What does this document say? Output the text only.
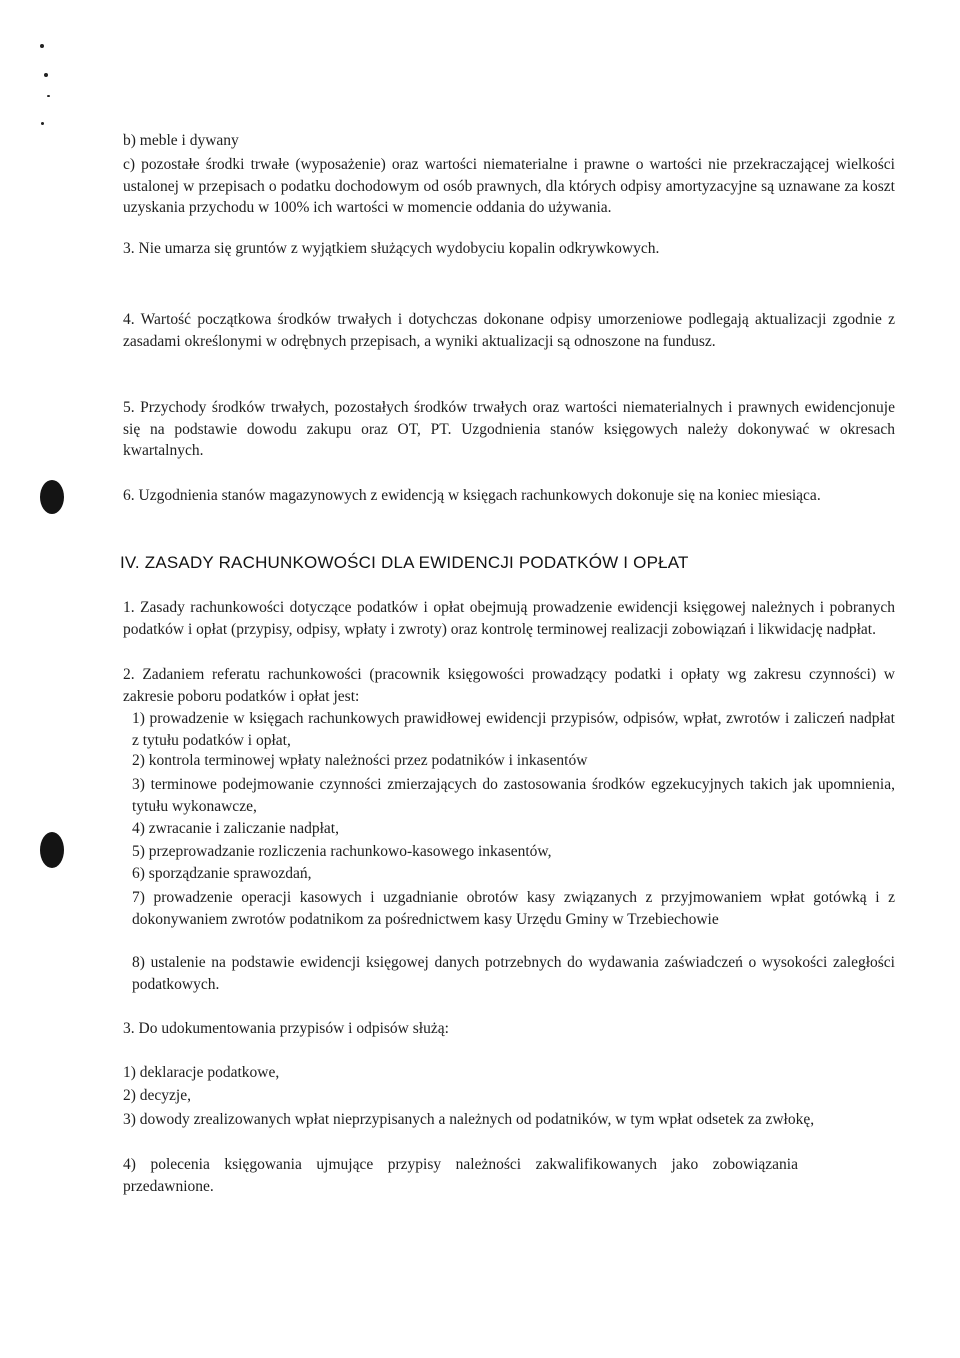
b) meble i dywany
c) pozostałe środki trwałe (wyposażenie) oraz wartości niematerialne i prawne o wartości nie przekraczającej wielkości ustalonej w przepisach o podatku dochodowym od osób prawnych, dla których odpisy amortyzacyjne są uznawane za koszt uzyskania przychodu w 100% ich wartości w momencie oddania do używania.
3. Nie umarza się gruntów z wyjątkiem służących wydobyciu kopalin odkrywkowych.
4. Wartość początkowa środków trwałych i dotychczas dokonane odpisy umorzeniowe podlegają aktualizacji zgodnie z zasadami określonymi w odrębnych przepisach, a wyniki aktualizacji są odnoszone na fundusz.
5. Przychody środków trwałych, pozostałych środków trwałych oraz wartości niematerialnych i prawnych ewidencjonuje się na podstawie dowodu zakupu oraz OT, PT. Uzgodnienia stanów księgowych należy dokonywać w okresach kwartalnych.
6. Uzgodnienia stanów magazynowych z ewidencją w księgach rachunkowych dokonuje się na koniec miesiąca.
IV. ZASADY RACHUNKOWOŚCI DLA EWIDENCJI PODATKÓW I OPŁAT
1. Zasady rachunkowości dotyczące podatków i opłat obejmują prowadzenie ewidencji księgowej należnych i pobranych podatków i opłat (przypisy, odpisy, wpłaty i zwroty) oraz kontrolę terminowej realizacji zobowiązań i likwidację nadpłat.
2. Zadaniem referatu rachunkowości (pracownik księgowości prowadzący podatki i opłaty wg zakresu czynności) w zakresie poboru podatków i opłat jest:
1) prowadzenie w księgach rachunkowych prawidłowej ewidencji przypisów, odpisów, wpłat, zwrotów i zaliczeń nadpłat z tytułu podatków i opłat,
2) kontrola terminowej wpłaty należności przez podatników i inkasentów
3) terminowe podejmowanie czynności zmierzających do zastosowania środków egzekucyjnych takich jak upomnienia, tytułu wykonawcze,
4) zwracanie i zaliczanie nadpłat,
5) przeprowadzanie rozliczenia rachunkowo-kasowego inkasentów,
6) sporządzanie sprawozdań,
7) prowadzenie operacji kasowych i uzgadnianie obrotów kasy związanych z przyjmowaniem wpłat gotówką i z dokonywaniem zwrotów podatnikom za pośrednictwem kasy Urzędu Gminy w Trzebiechowie
8) ustalenie na podstawie ewidencji księgowej danych potrzebnych do wydawania zaświadczeń o wysokości zaległości podatkowych.
3. Do udokumentowania przypisów i odpisów służą:
1) deklaracje podatkowe,
2) decyzje,
3) dowody zrealizowanych wpłat nieprzypisanych a należnych od podatników, w tym wpłat odsetek za zwłokę,
4) polecenia księgowania ujmujące przypisy należności zakwalifikowanych jako zobowiązania przedawnione.
